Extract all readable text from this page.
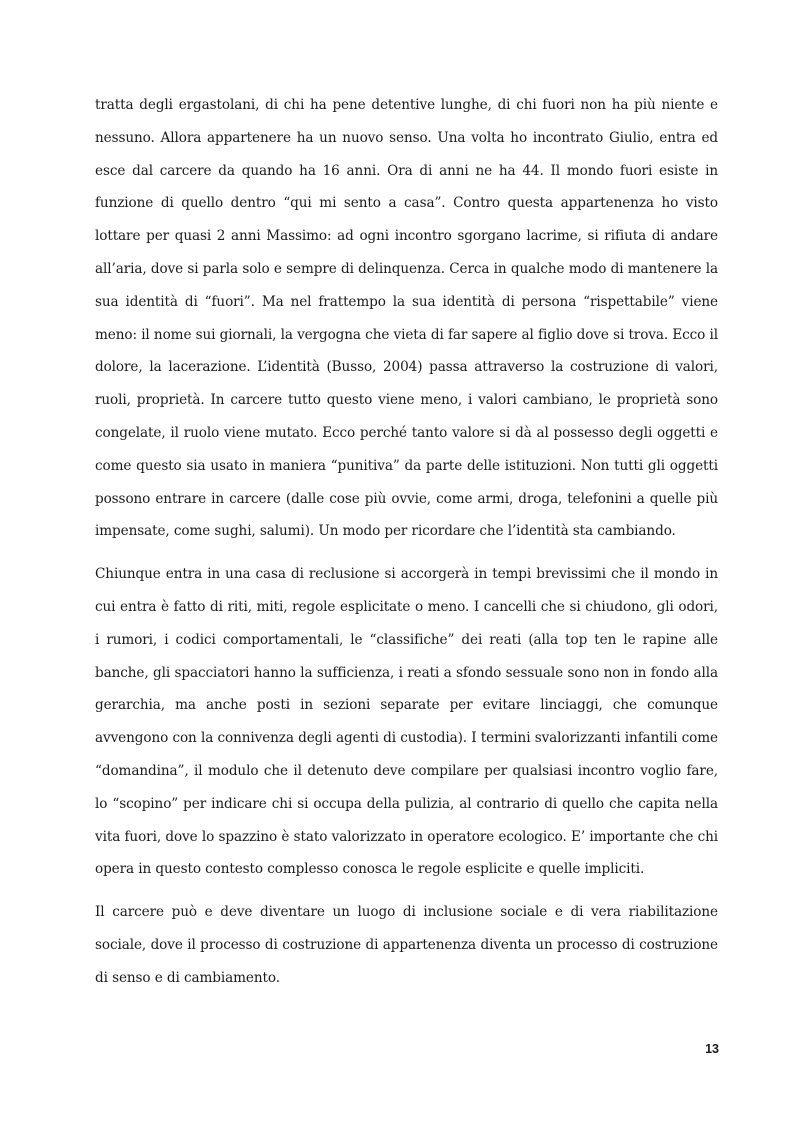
tratta degli ergastolani, di chi ha pene detentive lunghe, di chi fuori non ha più niente e nessuno. Allora appartenere ha un nuovo senso. Una volta ho incontrato Giulio, entra ed esce dal carcere da quando ha 16 anni. Ora di anni ne ha 44. Il mondo fuori esiste in funzione di quello dentro “qui mi sento a casa”. Contro questa appartenenza ho visto lottare per quasi 2 anni Massimo: ad ogni incontro sgorgano lacrime, si rifiuta di andare all’aria, dove si parla solo e sempre di delinquenza. Cerca in qualche modo di mantenere la sua identità di “fuori”. Ma nel frattempo la sua identità di persona “rispettabile” viene meno: il nome sui giornali, la vergogna che vieta di far sapere al figlio dove si trova. Ecco il dolore, la lacerazione. L’identità (Busso, 2004) passa attraverso la costruzione di valori, ruoli, proprietà. In carcere tutto questo viene meno, i valori cambiano, le proprietà sono congelate, il ruolo viene mutato. Ecco perché tanto valore si dà al possesso degli oggetti e come questo sia usato in maniera “punitiva” da parte delle istituzioni. Non tutti gli oggetti possono entrare in carcere (dalle cose più ovvie, come armi, droga, telefonini a quelle più impensate, come sughi, salumi). Un modo per ricordare che l’identità sta cambiando.

Chiunque entra in una casa di reclusione si accorgerà in tempi brevissimi che il mondo in cui entra è fatto di riti, miti, regole esplicitate o meno. I cancelli che si chiudono, gli odori, i rumori, i codici comportamentali, le “classifiche” dei reati (alla top ten le rapine alle banche, gli spacciatori hanno la sufficienza, i reati a sfondo sessuale sono non in fondo alla gerarchia, ma anche posti in sezioni separate per evitare linciaggi, che comunque avvengono con la connivenza degli agenti di custodia). I termini svalorizzanti infantili come “domandina”, il modulo che il detenuto deve compilare per qualsiasi incontro voglio fare, lo “scopino” per indicare chi si occupa della pulizia, al contrario di quello che capita nella vita fuori, dove lo spazzino è stato valorizzato in operatore ecologico. E’ importante che chi opera in questo contesto complesso conosca le regole esplicite e quelle impliciti.

Il carcere può e deve diventare un luogo di inclusione sociale e di vera riabilitazione sociale, dove il processo di costruzione di appartenenza diventa un processo di costruzione di senso e di cambiamento.

13
